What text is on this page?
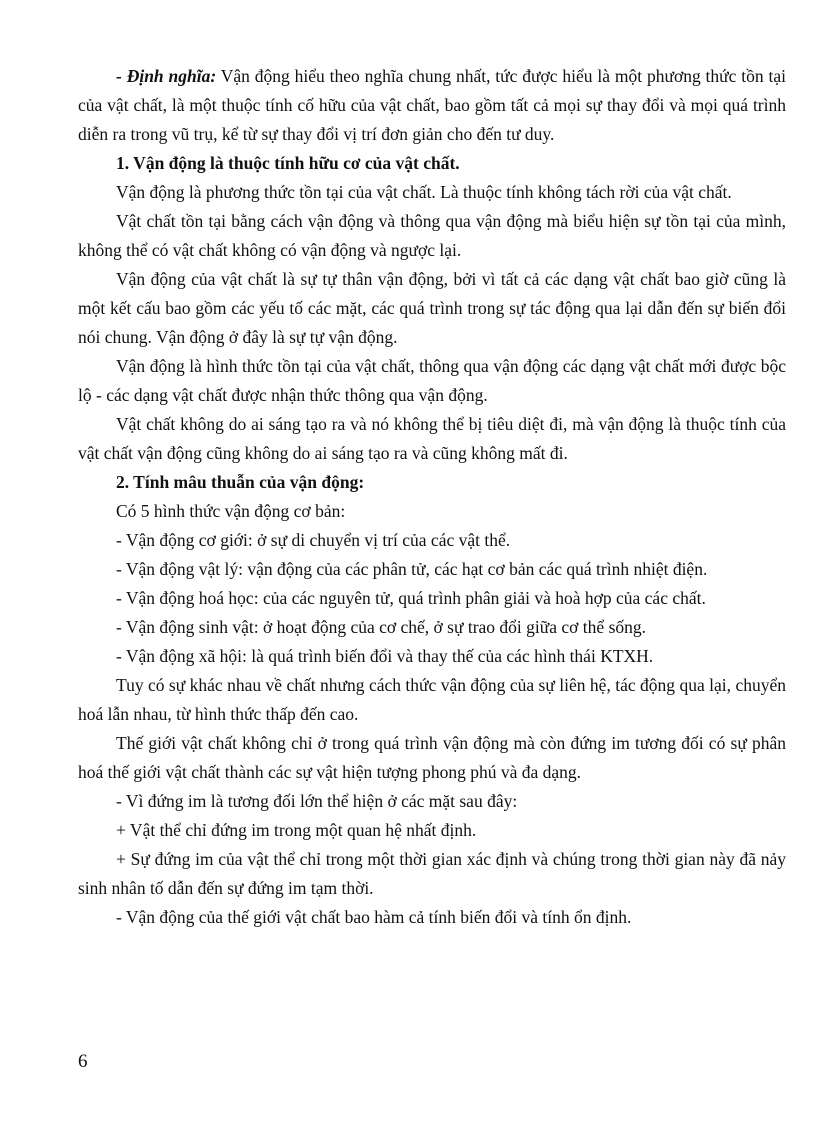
- Định nghĩa: Vận động hiểu theo nghĩa chung nhất, tức được hiểu là một phương thức tồn tại của vật chất, là một thuộc tính cố hữu của vật chất, bao gồm tất cả mọi sự thay đổi và mọi quá trình diễn ra trong vũ trụ, kể từ sự thay đổi vị trí đơn giản cho đến tư duy.

1. Vận động là thuộc tính hữu cơ của vật chất.

Vận động là phương thức tồn tại của vật chất. Là thuộc tính không tách rời của vật chất.

Vật chất tồn tại bằng cách vận động và thông qua vận động mà biểu hiện sự tồn tại của mình, không thể có vật chất không có vận động và ngược lại.

Vận động của vật chất là sự tự thân vận động, bởi vì tất cả các dạng vật chất bao giờ cũng là một kết cấu bao gồm các yếu tố các mặt, các quá trình trong sự tác động qua lại dẫn đến sự biến đổi nói chung. Vận động ở đây là sự tự vận động.

Vận động là hình thức tồn tại của vật chất, thông qua vận động các dạng vật chất mới được bộc lộ - các dạng vật chất được nhận thức thông qua vận động.

Vật chất không do ai sáng tạo ra và nó không thể bị tiêu diệt đi, mà vận động là thuộc tính của vật chất vận động cũng không do ai sáng tạo ra và cũng không mất đi.

2. Tính mâu thuẫn của vận động:

Có 5 hình thức vận động cơ bản:

- Vận động cơ giới: ở sự di chuyển vị trí của các vật thể.

- Vận động vật lý: vận động của các phân tử, các hạt cơ bản các quá trình nhiệt điện.

- Vận động hoá học: của các nguyên tử, quá trình phân giải và hoà hợp của các chất.

- Vận động sinh vật: ở hoạt động của cơ chế, ở sự trao đổi giữa cơ thể sống.

- Vận động xã hội: là quá trình biến đổi và thay thế của các hình thái KTXH.

Tuy có sự khác nhau về chất nhưng cách thức vận động của sự liên hệ, tác động qua lại, chuyển hoá lẫn nhau, từ hình thức thấp đến cao.

Thế giới vật chất không chỉ ở trong quá trình vận động mà còn đứng im tương đối có sự phân hoá thế giới vật chất thành các sự vật hiện tượng phong phú và đa dạng.

- Vì đứng im là tương đối lớn thể hiện ở các mặt sau đây:

+ Vật thể chỉ đứng im trong một quan hệ nhất định.

+ Sự đứng im của vật thể chỉ trong một thời gian xác định và chúng trong thời gian này đã nảy sinh nhân tố dẫn đến sự đứng im tạm thời.

- Vận động của thế giới vật chất bao hàm cả tính biến đổi và tính ổn định.

6
